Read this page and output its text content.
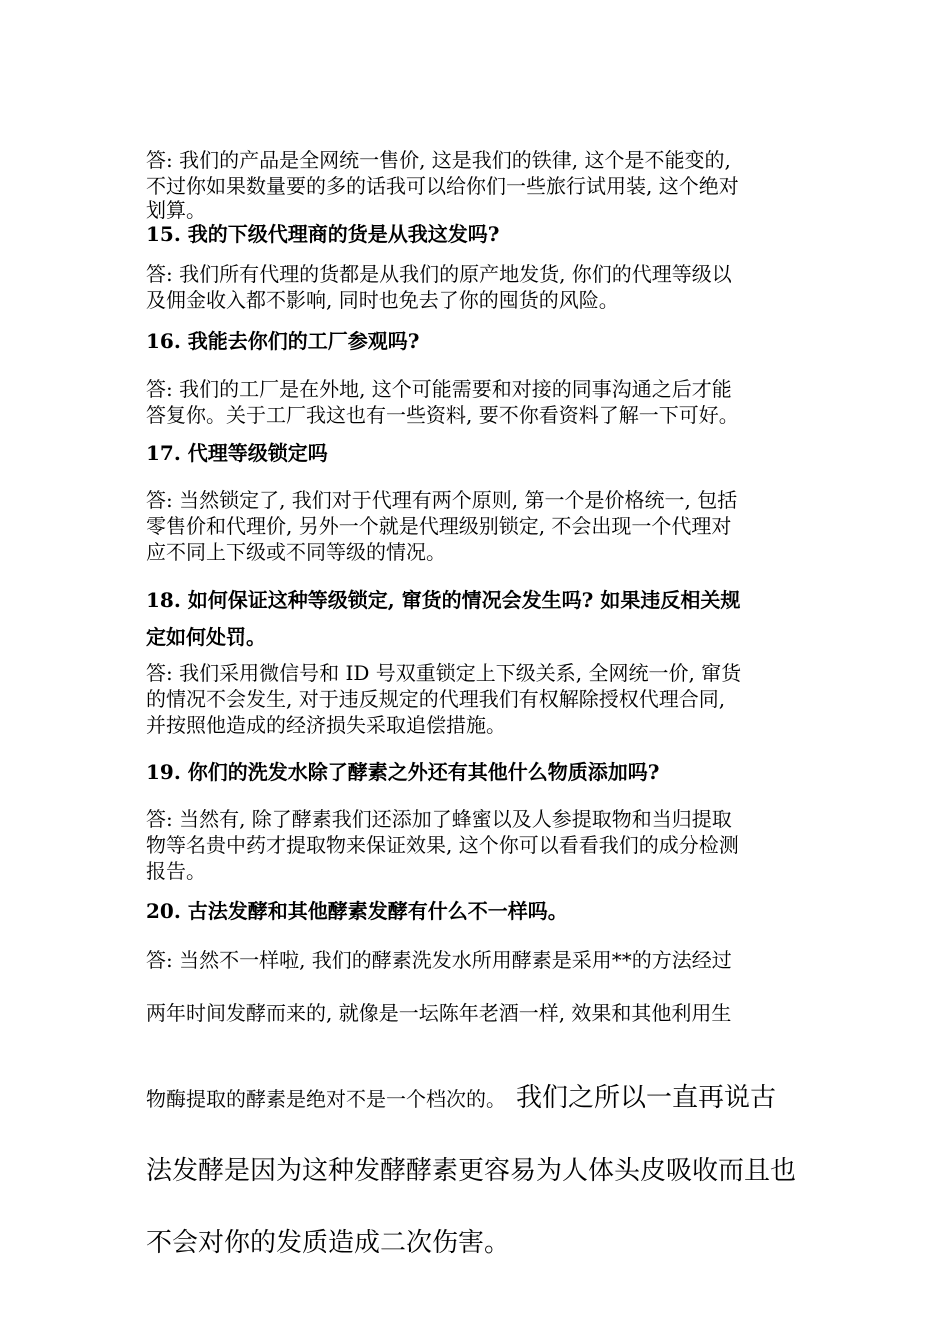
答: 我们的产品是全网统一售价, 这是我们的铁律, 这个是不能变的,
不过你如果数量要的多的话我可以给你们一些旅行试用装, 这个绝对
划算。
15. 我的下级代理商的货是从我这发吗?
答: 我们所有代理的货都是从我们的原产地发货, 你们的代理等级以
及佣金收入都不影响, 同时也免去了你的囤货的风险。
16. 我能去你们的工厂参观吗?
答: 我们的工厂是在外地, 这个可能需要和对接的同事沟通之后才能
答复你。关于工厂我这也有一些资料, 要不你看资料了解一下可好。
17. 代理等级锁定吗
答: 当然锁定了, 我们对于代理有两个原则, 第一个是价格统一, 包括
零售价和代理价, 另外一个就是代理级别锁定, 不会出现一个代理对
应不同上下级或不同等级的情况。
18. 如何保证这种等级锁定, 窜货的情况会发生吗? 如果违反相关规
定如何处罚。
答: 我们采用微信号和 ID 号双重锁定上下级关系, 全网统一价, 窜货
的情况不会发生, 对于违反规定的代理我们有权解除授权代理合同,
并按照他造成的经济损失采取追偿措施。
19. 你们的洗发水除了酵素之外还有其他什么物质添加吗?
答: 当然有, 除了酵素我们还添加了蜂蜜以及人参提取物和当归提取
物等名贵中药才提取物来保证效果, 这个你可以看看我们的成分检测
报告。
20. 古法发酵和其他酵素发酵有什么不一样吗。
答: 当然不一样啦, 我们的酵素洗发水所用酵素是采用**的方法经过
两年时间发酵而来的, 就像是一坛陈年老酒一样, 效果和其他利用生
物酶提取的酵素是绝对不是一个档次的。 我们之所以一直再说古
法发酵是因为这种发酵酵素更容易为人体头皮吸收而且也
不会对你的发质造成二次伤害。
